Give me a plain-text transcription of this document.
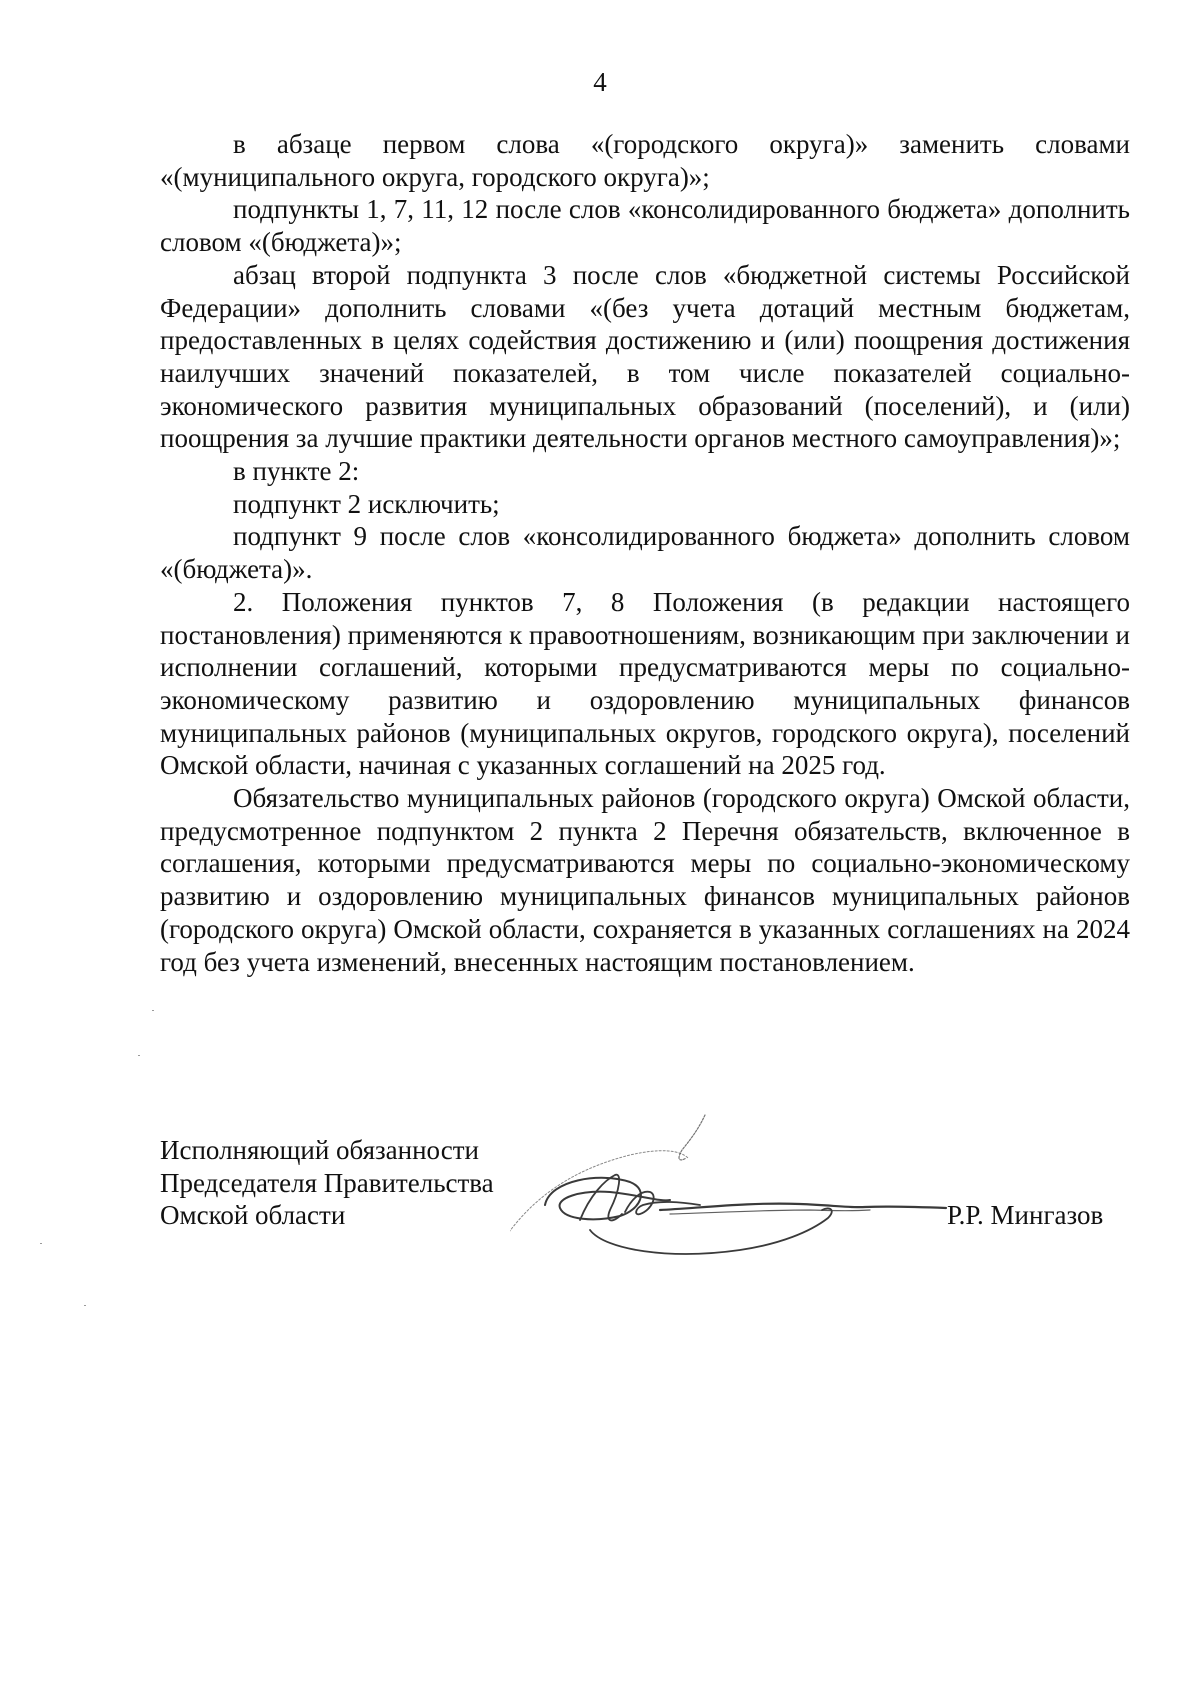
4

в абзаце первом слова «(городского округа)» заменить словами «(муниципального округа, городского округа)»;

подпункты 1, 7, 11, 12 после слов «консолидированного бюджета» дополнить словом «(бюджета)»;

абзац второй подпункта 3 после слов «бюджетной системы Российской Федерации» дополнить словами «(без учета дотаций местным бюджетам, предоставленных в целях содействия достижению и (или) поощрения достижения наилучших значений показателей, в том числе показателей социально-экономического развития муниципальных образований (поселений), и (или) поощрения за лучшие практики деятельности органов местного самоуправления)»;

в пункте 2:

подпункт 2 исключить;

подпункт 9 после слов «консолидированного бюджета» дополнить словом «(бюджета)».

2. Положения пунктов 7, 8 Положения (в редакции настоящего постановления) применяются к правоотношениям, возникающим при заключении и исполнении соглашений, которыми предусматриваются меры по социально-экономическому развитию и оздоровлению муниципальных финансов муниципальных районов (муниципальных округов, городского округа), поселений Омской области, начиная с указанных соглашений на 2025 год.

Обязательство муниципальных районов (городского округа) Омской области, предусмотренное подпунктом 2 пункта 2 Перечня обязательств, включенное в соглашения, которыми предусматриваются меры по социально-экономическому развитию и оздоровлению муниципальных финансов муниципальных районов (городского округа) Омской области, сохраняется в указанных соглашениях на 2024 год без учета изменений, внесенных настоящим постановлением.

Исполняющий обязанности
Председателя Правительства
Омской области	Р.Р. Мингазов
